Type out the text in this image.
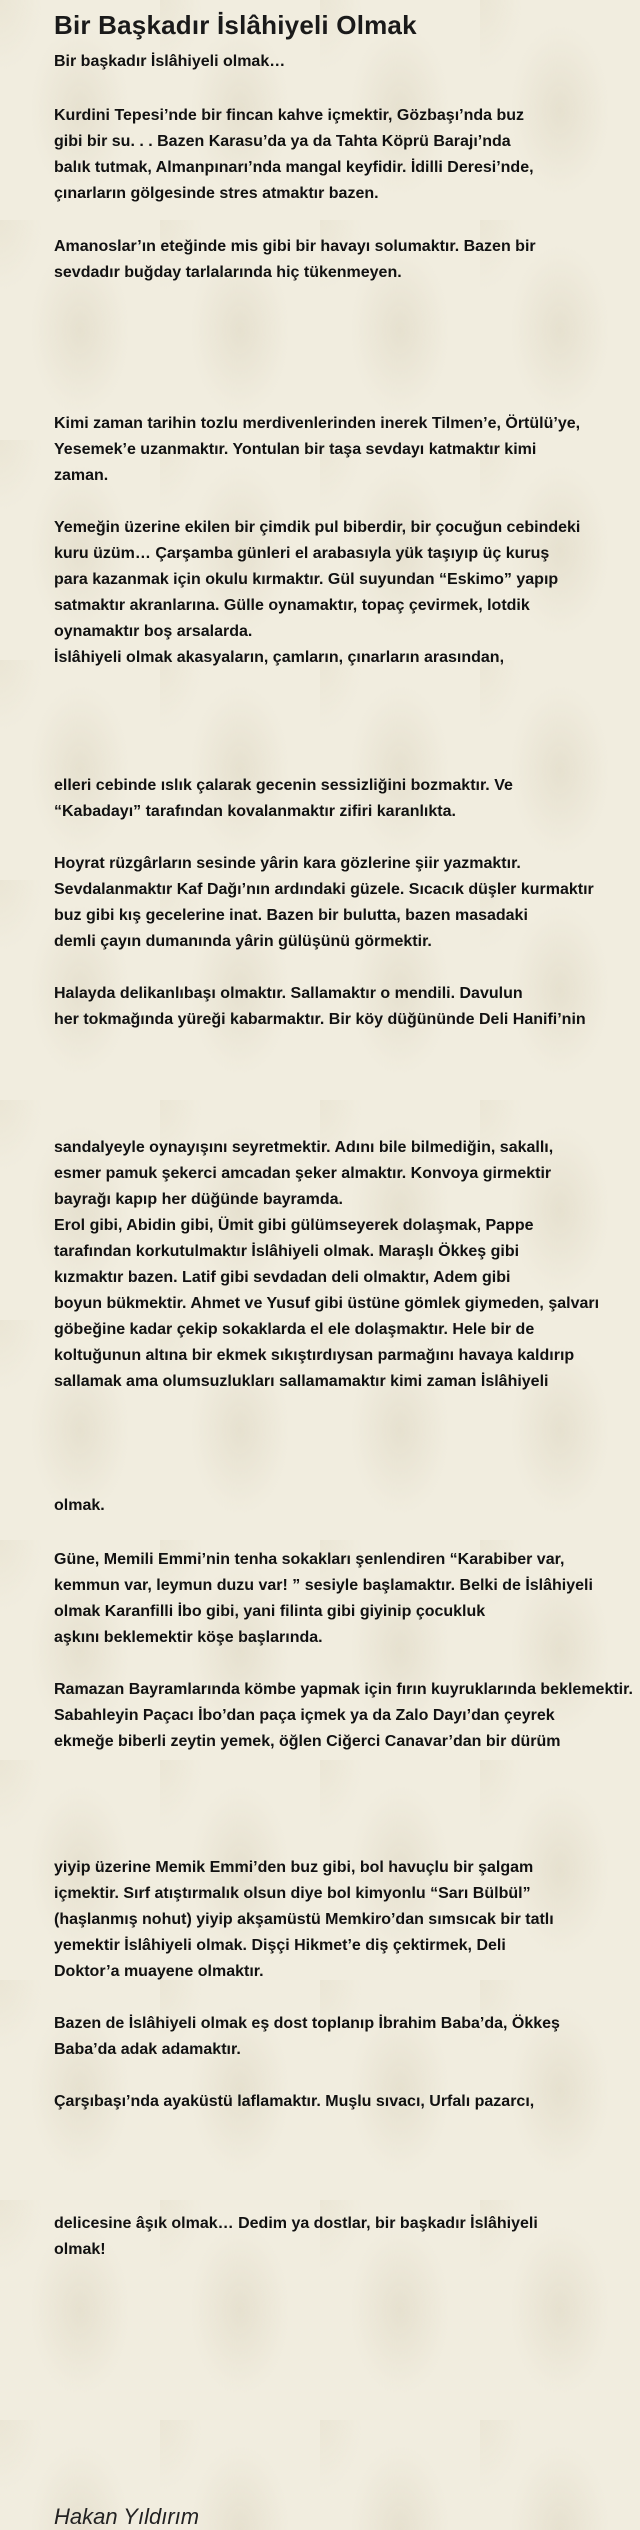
Bir Başkadır İslâhiyeli Olmak

Bir başkadır İslâhiyeli olmak…

Kurdini Tepesi’nde bir fincan kahve içmektir, Gözbaşı’nda buz

gibi bir su. . . Bazen Karasu’da ya da Tahta Köprü Barajı’nda

balık tutmak, Almanpınarı’nda mangal keyfidir. İdilli Deresi’nde,

çınarların gölgesinde stres atmaktır bazen.

Amanoslar’ın eteğinde mis gibi bir havayı solumaktır. Bazen bir

sevdadır buğday tarlalarında hiç tükenmeyen.

Kimi zaman tarihin tozlu merdivenlerinden inerek Tilmen’e, Örtülü’ye,

Yesemek’e uzanmaktır. Yontulan bir taşa sevdayı katmaktır kimi

zaman.

Yemeğin üzerine ekilen bir çimdik pul biberdir, bir çocuğun cebindeki

kuru üzüm… Çarşamba günleri el arabasıyla yük taşıyıp üç kuruş

para kazanmak için okulu kırmaktır. Gül suyundan “Eskimo” yapıp

satmaktır akranlarına. Gülle oynamaktır, topaç çevirmek, lotdik

oynamaktır boş arsalarda.

İslâhiyeli olmak akasyaların, çamların, çınarların arasından,

elleri cebinde ıslık çalarak gecenin sessizliğini bozmaktır. Ve

“Kabadayı” tarafından kovalanmaktır zifiri karanlıkta.

Hoyrat rüzgârların sesinde yârin kara gözlerine şiir yazmaktır.

Sevdalanmaktır Kaf Dağı’nın ardındaki güzele. Sıcacık düşler kurmaktır

buz gibi kış gecelerine inat. Bazen bir bulutta, bazen masadaki

demli çayın dumanında yârin gülüşünü görmektir.

Halayda delikanlıbaşı olmaktır. Sallamaktır o mendili. Davulun

her tokmağında yüreği kabarmaktır. Bir köy düğününde Deli Hanifi’nin

sandalyeyle oynayışını seyretmektir. Adını bile bilmediğin, sakallı,

esmer pamuk şekerci amcadan şeker almaktır. Konvoya girmektir

bayrağı kapıp her düğünde bayramda.

Erol gibi, Abidin gibi, Ümit gibi gülümseyerek dolaşmak, Pappe

tarafından korkutulmaktır İslâhiyeli olmak. Maraşlı Ökkeş gibi

kızmaktır bazen. Latif gibi sevdadan deli olmaktır, Adem gibi

boyun bükmektir. Ahmet ve Yusuf gibi üstüne gömlek giymeden, şalvarı

göbeğine kadar çekip sokaklarda el ele dolaşmaktır. Hele bir de

koltuğunun altına bir ekmek sıkıştırdıysan parmağını havaya kaldırıp

sallamak ama olumsuzlukları sallamamaktır kimi zaman İslâhiyeli

olmak.

Güne, Memili Emmi’nin tenha sokakları şenlendiren “Karabiber var,

kemmun var, leymun duzu var! ” sesiyle başlamaktır. Belki de İslâhiyeli

olmak Karanfilli İbo gibi, yani filinta gibi giyinip çocukluk

aşkını beklemektir köşe başlarında.

Ramazan Bayramlarında kömbe yapmak için fırın kuyruklarında beklemektir.

Sabahleyin Paçacı İbo’dan paça içmek ya da Zalo Dayı’dan çeyrek

ekmeğe biberli zeytin yemek, öğlen Ciğerci Canavar’dan bir dürüm

yiyip üzerine Memik Emmi’den buz gibi, bol havuçlu bir şalgam

içmektir. Sırf atıştırmalık olsun diye bol kimyonlu “Sarı Bülbül”

(haşlanmış nohut) yiyip akşamüstü Memkiro’dan sımsıcak bir tatlı

yemektir İslâhiyeli olmak. Dişçi Hikmet’e diş çektirmek, Deli

Doktor’a muayene olmaktır.

Bazen de İslâhiyeli olmak eş dost toplanıp İbrahim Baba’da, Ökkeş

Baba’da adak adamaktır.

Çarşıbaşı’nda ayaküstü laflamaktır. Muşlu sıvacı, Urfalı pazarcı,

delicesine âşık olmak… Dedim ya dostlar, bir başkadır İslâhiyeli

olmak!

Hakan Yıldırım
